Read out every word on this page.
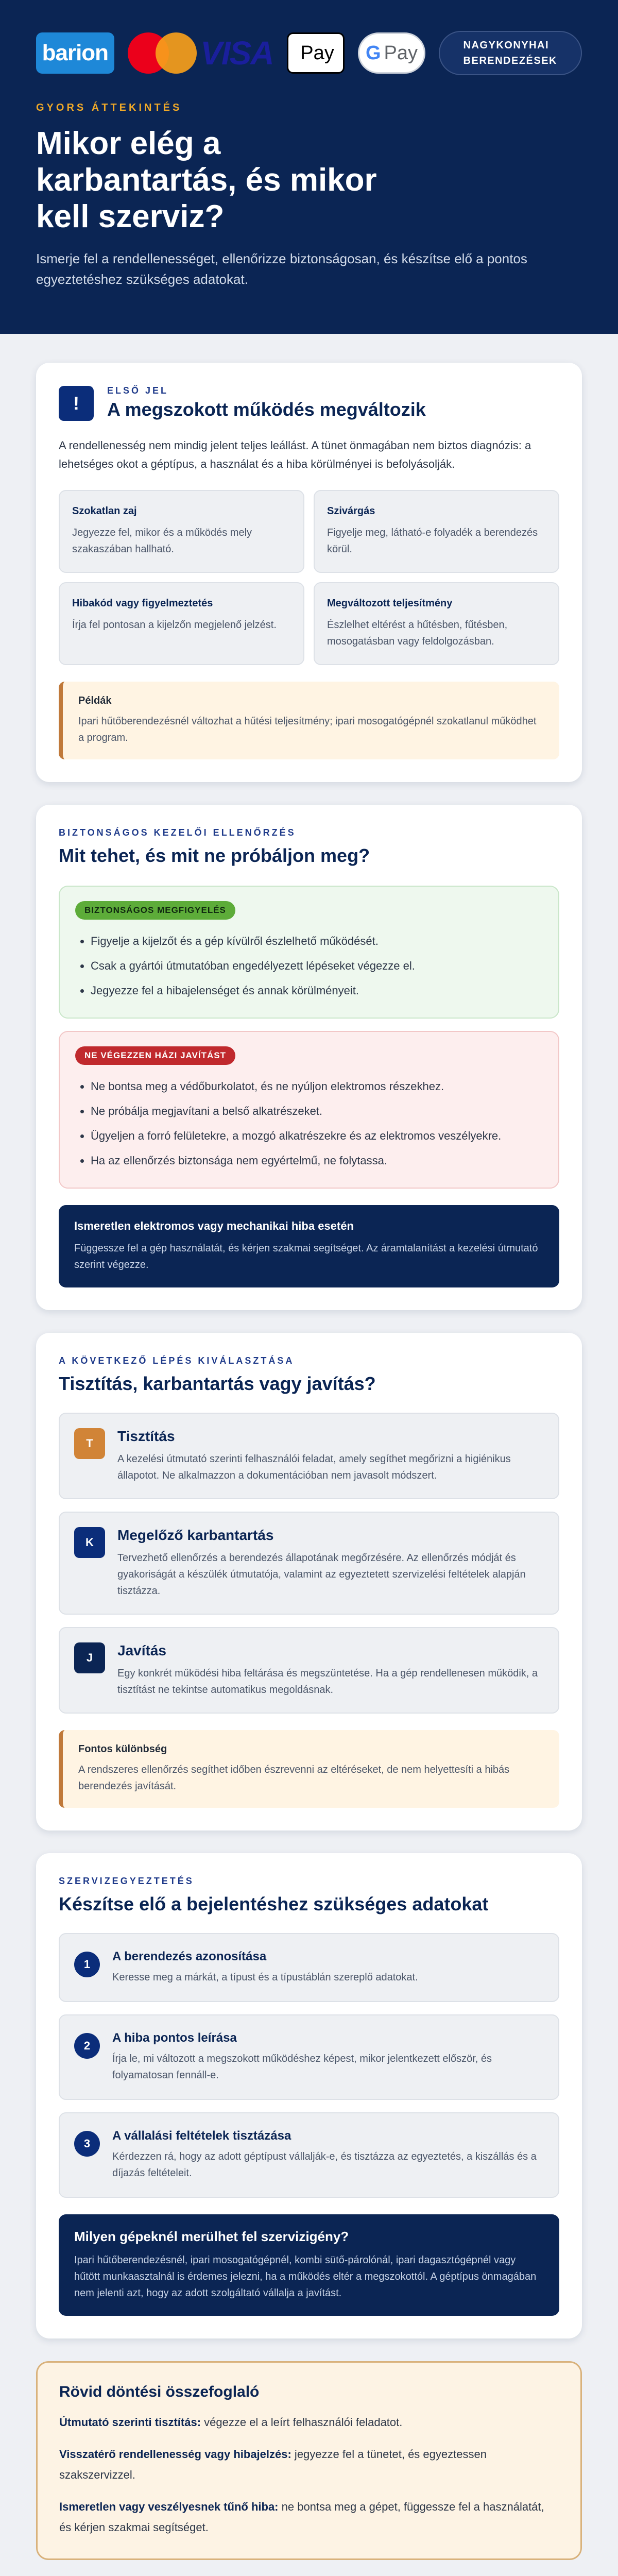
barion	VISA Pay G Pay	NAGYKONYHAI
BERENDEZÉSEK
GYORS ÁTTEKINTÉS
Mikor elég a karbantartás, és mikor kell szerviz?

Ismerje fel a rendellenességet, ellenőrizze biztonságosan, és készítse elő a pontos egyeztetéshez szükséges adatokat.

!
ELSŐ JEL
A megszokott működés megváltozik

A rendellenesség nem mindig jelent teljes leállást. A tünet önmagában nem biztos diagnózis: a lehetséges okot a géptípus, a használat és a hiba körülményei is befolyásolják.

Szokatlan zaj
Jegyezze fel, mikor és a működés mely szakaszában hallható.
Szivárgás
Figyelje meg, látható-e folyadék a berendezés körül.
Hibakód vagy figyelmeztetés
Írja fel pontosan a kijelzőn megjelenő jelzést.
Megváltozott teljesítmény
Észlelhet eltérést a hűtésben, fűtésben, mosogatásban vagy feldolgozásban.
Példák
Ipari hűtőberendezésnél változhat a hűtési teljesítmény; ipari mosogatógépnél szokatlanul működhet a program.
BIZTONSÁGOS KEZELŐI ELLENŐRZÉS
Mit tehet, és mit ne próbáljon meg?
BIZTONSÁGOS MEGFIGYELÉS
• Figyelje a kijelzőt és a gép kívülről észlelhető működését.
• Csak a gyártói útmutatóban engedélyezett lépéseket végezze el.
• Jegyezze fel a hibajelenséget és annak körülményeit.
NE VÉGEZZEN HÁZI JAVÍTÁST
• Ne bontsa meg a védőburkolatot, és ne nyúljon elektromos részekhez.
• Ne próbálja megjavítani a belső alkatrészeket.
• Ügyeljen a forró felületekre, a mozgó alkatrészekre és az elektromos veszélyekre.
• Ha az ellenőrzés biztonsága nem egyértelmű, ne folytassa.
Ismeretlen elektromos vagy mechanikai hiba esetén
Függessze fel a gép használatát, és kérjen szakmai segítséget. Az áramtalanítást a kezelési útmutató szerint végezze.
A KÖVETKEZŐ LÉPÉS KIVÁLASZTÁSA
Tisztítás, karbantartás vagy javítás?
T	Tisztítás
A kezelési útmutató szerinti felhasználói feladat, amely segíthet megőrizni a higiénikus állapotot. Ne alkalmazzon a dokumentációban nem javasolt módszert.
K	Megelőző karbantartás
Tervezhető ellenőrzés a berendezés állapotának megőrzésére. Az ellenőrzés módját és gyakoriságát a készülék útmutatója, valamint az egyeztetett szervizelési feltételek alapján tisztázza.
J	Javítás
Egy konkrét működési hiba feltárása és megszüntetése. Ha a gép rendellenesen működik, a tisztítást ne tekintse automatikus megoldásnak.
Fontos különbség
A rendszeres ellenőrzés segíthet időben észrevenni az eltéréseket, de nem helyettesíti a hibás berendezés javítását.
SZERVIZEGYEZTETÉS
Készítse elő a bejelentéshez szükséges adatokat
1
A berendezés azonosítása
Keresse meg a márkát, a típust és a típustáblán szereplő adatokat.
2
A hiba pontos leírása
Írja le, mi változott a megszokott működéshez képest, mikor jelentkezett először, és folyamatosan fennáll-e.
3
A vállalási feltételek tisztázása
Kérdezzen rá, hogy az adott géptípust vállalják-e, és tisztázza az egyeztetés, a kiszállás és a díjazás feltételeit.
Milyen gépeknél merülhet fel szervizigény?
Ipari hűtőberendezésnél, ipari mosogatógépnél, kombi sütő-párolónál, ipari dagasztógépnél vagy hűtött munkaasztalnál is érdemes jelezni, ha a működés eltér a megszokottól. A géptípus önmagában nem jelenti azt, hogy az adott szolgáltató vállalja a javítást.
Rövid döntési összefoglaló

Útmutató szerinti tisztítás: végezze el a leírt felhasználói feladatot.

Visszatérő rendellenesség vagy hibajelzés: jegyezze fel a tünetet, és egyeztessen szakszervizzel.

Ismeretlen vagy veszélyesnek tűnő hiba: ne bontsa meg a gépet, függessze fel a használatát, és kérjen szakmai segítséget.
